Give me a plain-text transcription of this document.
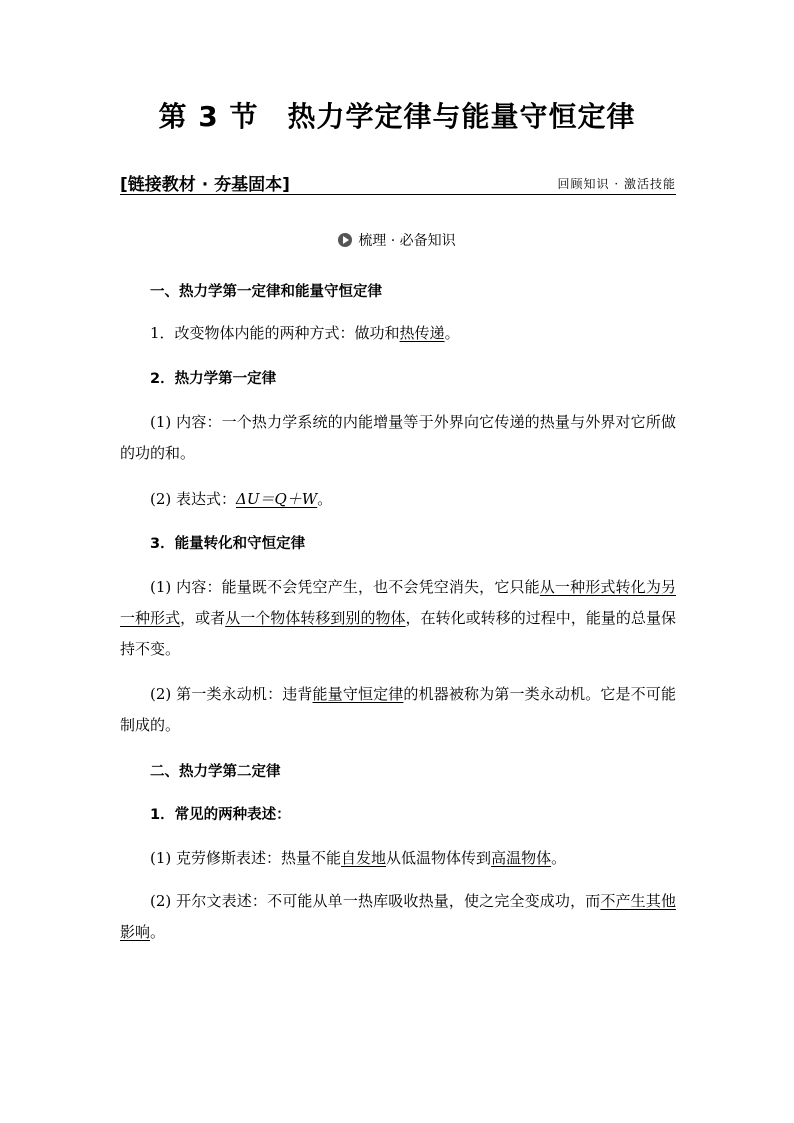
第 3 节　热力学定律与能量守恒定律
[链接教材 · 夯基固本]	回顾知识 · 激活技能
梳理 · 必备知识
一、热力学第一定律和能量守恒定律
1．改变物体内能的两种方式：做功和热传递。
2．热力学第一定律
(1) 内容：一个热力学系统的内能增量等于外界向它传递的热量与外界对它所做的功的和。
(2) 表达式：ΔU＝Q＋W。
3．能量转化和守恒定律
(1) 内容：能量既不会凭空产生，也不会凭空消失，它只能从一种形式转化为另一种形式，或者从一个物体转移到别的物体，在转化或转移的过程中，能量的总量保持不变。
(2) 第一类永动机：违背能量守恒定律的机器被称为第一类永动机。它是不可能制成的。
二、热力学第二定律
1．常见的两种表述：
(1) 克劳修斯表述：热量不能自发地从低温物体传到高温物体。
(2) 开尔文表述：不可能从单一热库吸收热量，使之完全变成功，而不产生其他影响。
